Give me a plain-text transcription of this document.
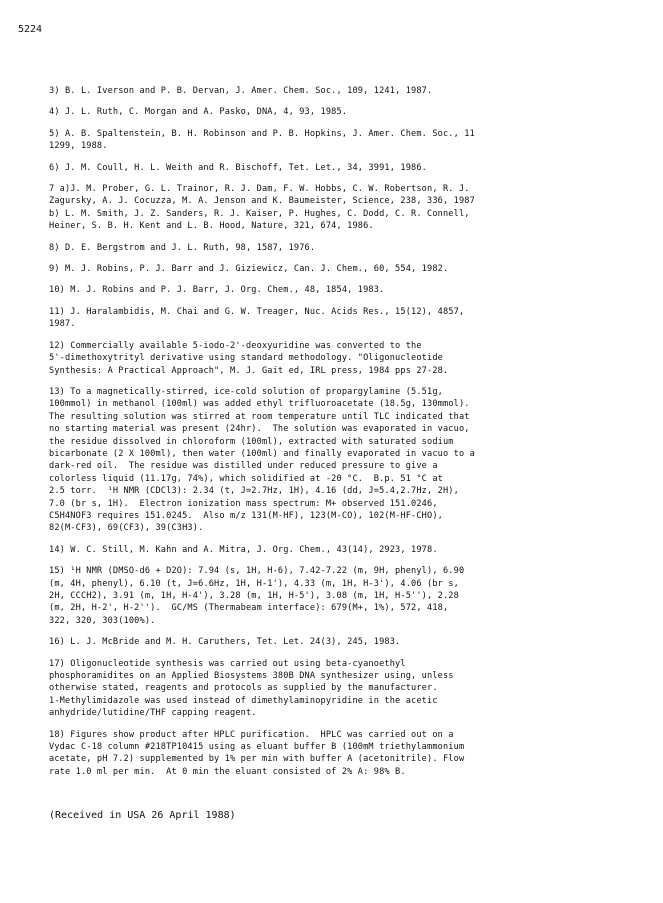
5224

3) B. L. Iverson and P. B. Dervan, J. Amer. Chem. Soc., 109, 1241, 1987.

4) J. L. Ruth, C. Morgan and A. Pasko, DNA, 4, 93, 1985.

5) A. B. Spaltenstein, B. H. Robinson and P. B. Hopkins, J. Amer. Chem. Soc., 11
1299, 1988.

6) J. M. Coull, H. L. Weith and R. Bischoff, Tet. Let., 34, 3991, 1986.

7 a)J. M. Prober, G. L. Trainor, R. J. Dam, F. W. Hobbs, C. W. Robertson, R. J.
Zagursky, A. J. Cocuzza, M. A. Jenson and K. Baumeister, Science, 238, 336, 1987
b) L. M. Smith, J. Z. Sanders, R. J. Kaiser, P. Hughes, C. Dodd, C. R. Connell,
Heiner, S. B. H. Kent and L. B. Hood, Nature, 321, 674, 1986.

8) D. E. Bergstrom and J. L. Ruth, 98, 1587, 1976.

9) M. J. Robins, P. J. Barr and J. Giziewicz, Can. J. Chem., 60, 554, 1982.

10) M. J. Robins and P. J. Barr, J. Org. Chem., 48, 1854, 1983.

11) J. Haralambidis, M. Chai and G. W. Treager, Nuc. Acids Res., 15(12), 4857,
1987.

12) Commercially available 5-iodo-2'-deoxyuridine was converted to the
5'-dimethoxytrityl derivative using standard methodology. "Oligonucleotide
Synthesis: A Practical Approach", M. J. Gait ed, IRL press, 1984 pps 27-28.

13) To a magnetically-stirred, ice-cold solution of propargylamine (5.51g,
100mmol) in methanol (100ml) was added ethyl trifluoroacetate (18.5g, 130mmol).
The resulting solution was stirred at room temperature until TLC indicated that
no starting material was present (24hr).  The solution was evaporated in vacuo,
the residue dissolved in chloroform (100ml), extracted with saturated sodium
bicarbonate (2 X 100ml), then water (100ml) and finally evaporated in vacuo to a
dark-red oil.  The residue was distilled under reduced pressure to give a
colorless liquid (11.17g, 74%), which solidified at -20 °C.  B.p. 51 °C at
2.5 torr.  ¹H NMR (CDCl3): 2.34 (t, J=2.7Hz, 1H), 4.16 (dd, J=5.4,2.7Hz, 2H),
7.0 (br s, 1H).  Electron ionization mass spectrum: M+ observed 151.0246,
C5H4NOF3 requires 151.0245.  Also m/z 131(M-HF), 123(M-CO), 102(M-HF-CHO),
82(M-CF3), 69(CF3), 39(C3H3).

14) W. C. Still, M. Kahn and A. Mitra, J. Org. Chem., 43(14), 2923, 1978.

15) ¹H NMR (DMSO-d6 + D2O): 7.94 (s, 1H, H-6), 7.42-7.22 (m, 9H, phenyl), 6.90
(m, 4H, phenyl), 6.10 (t, J=6.6Hz, 1H, H-1'), 4.33 (m, 1H, H-3'), 4.06 (br s,
2H, CCCH2), 3.91 (m, 1H, H-4'), 3.28 (m, 1H, H-5'), 3.08 (m, 1H, H-5''), 2.28
(m, 2H, H-2', H-2'').  GC/MS (Thermabeam interface): 679(M+, 1%), 572, 418,
322, 320, 303(100%).

16) L. J. McBride and M. H. Caruthers, Tet. Let. 24(3), 245, 1983.

17) Oligonucleotide synthesis was carried out using beta-cyanoethyl
phosphoramidites on an Applied Biosystems 380B DNA synthesizer using, unless
otherwise stated, reagents and protocols as supplied by the manufacturer.
1-Methylimidazole was used instead of dimethylaminopyridine in the acetic
anhydride/lutidine/THF capping reagent.

18) Figures show product after HPLC purification.  HPLC was carried out on a
Vydac C-18 column #218TP10415 using as eluant buffer B (100mM triethylammonium
acetate, pH 7.2) supplemented by 1% per min with buffer A (acetonitrile). Flow
rate 1.0 ml per min.  At 0 min the eluant consisted of 2% A: 98% B.

(Received in USA 26 April 1988)
